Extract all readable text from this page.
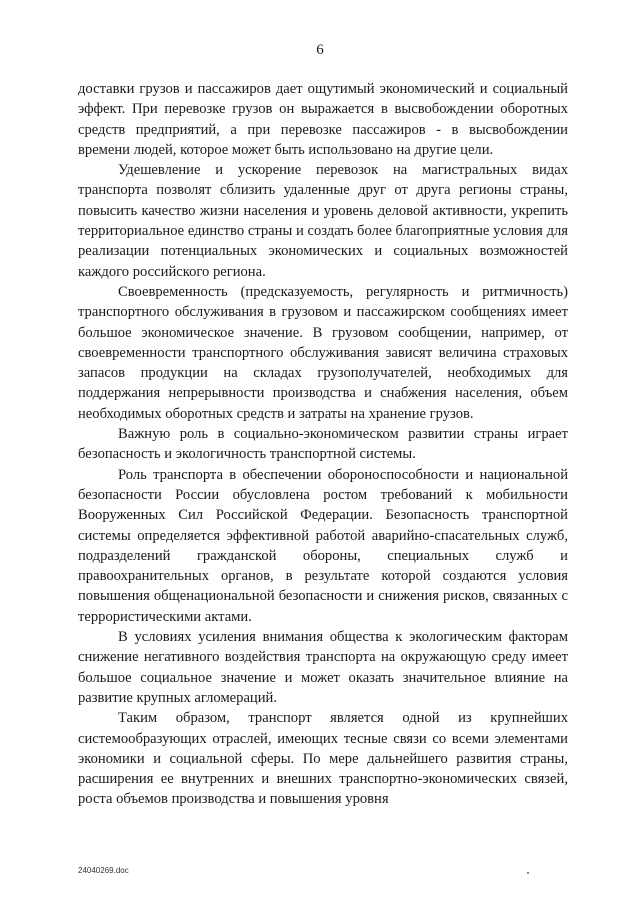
6

доставки грузов и пассажиров дает ощутимый экономический и социальный эффект. При перевозке грузов он выражается в высвобождении оборотных средств предприятий, а при перевозке пассажиров - в высвобождении времени людей, которое может быть использовано на другие цели.

Удешевление и ускорение перевозок на магистральных видах транспорта позволят сблизить удаленные друг от друга регионы страны, повысить качество жизни населения и уровень деловой активности, укрепить территориальное единство страны и создать более благоприятные условия для реализации потенциальных экономических и социальных возможностей каждого российского региона.

Своевременность (предсказуемость, регулярность и ритмичность) транспортного обслуживания в грузовом и пассажирском сообщениях имеет большое экономическое значение. В грузовом сообщении, например, от своевременности транспортного обслуживания зависят величина страховых запасов продукции на складах грузополучателей, необходимых для поддержания непрерывности производства и снабжения населения, объем необходимых оборотных средств и затраты на хранение грузов.

Важную роль в социально-экономическом развитии страны играет безопасность и экологичность транспортной системы.

Роль транспорта в обеспечении обороноспособности и национальной безопасности России обусловлена ростом требований к мобильности Вооруженных Сил Российской Федерации. Безопасность транспортной системы определяется эффективной работой аварийно-спасательных служб, подразделений гражданской обороны, специальных служб и правоохранительных органов, в результате которой создаются условия повышения общенациональной безопасности и снижения рисков, связанных с террористическими актами.

В условиях усиления внимания общества к экологическим факторам снижение негативного воздействия транспорта на окружающую среду имеет большое социальное значение и может оказать значительное влияние на развитие крупных агломераций.

Таким образом, транспорт является одной из крупнейших системообразующих отраслей, имеющих тесные связи со всеми элементами экономики и социальной сферы. По мере дальнейшего развития страны, расширения ее внутренних и внешних транспортно-экономических связей, роста объемов производства и повышения уровня

24040269.doc
